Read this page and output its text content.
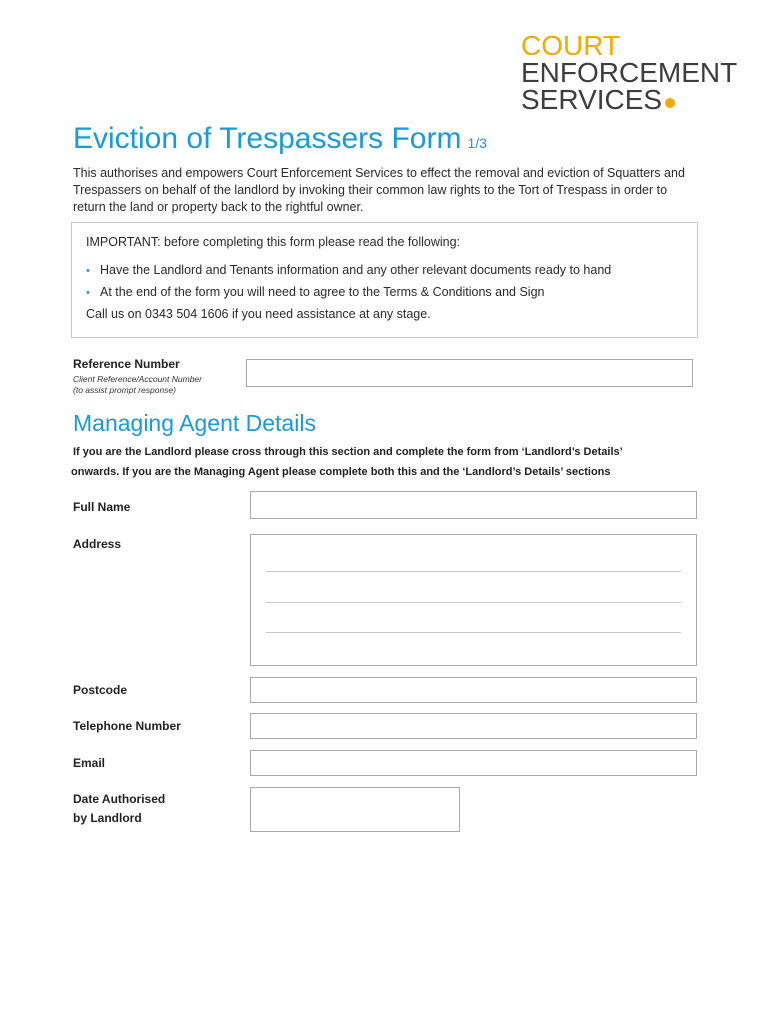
COURT
ENFORCEMENT
SERVICES
Eviction of Trespassers Form 1/3
This authorises and empowers Court Enforcement Services to effect the removal and eviction of Squatters and Trespassers on behalf of the landlord by invoking their common law rights to the Tort of Trespass in order to return the land or property back to the rightful owner.
IMPORTANT: before completing this form please read the following:
• Have the Landlord and Tenants information and any other relevant documents ready to hand
• At the end of the form you will need to agree to the Terms & Conditions and Sign
Call us on 0343 504 1606 if you need assistance at any stage.
Reference Number
Client Reference/Account Number
(to assist prompt response)
Managing Agent Details
If you are the Landlord please cross through this section and complete the form from ‘Landlord’s Details’
onwards. If you are the Managing Agent please complete both this and the ‘Landlord’s Details’ sections
Full Name
Address
Postcode
Telephone Number
Email
Date Authorised
by Landlord
